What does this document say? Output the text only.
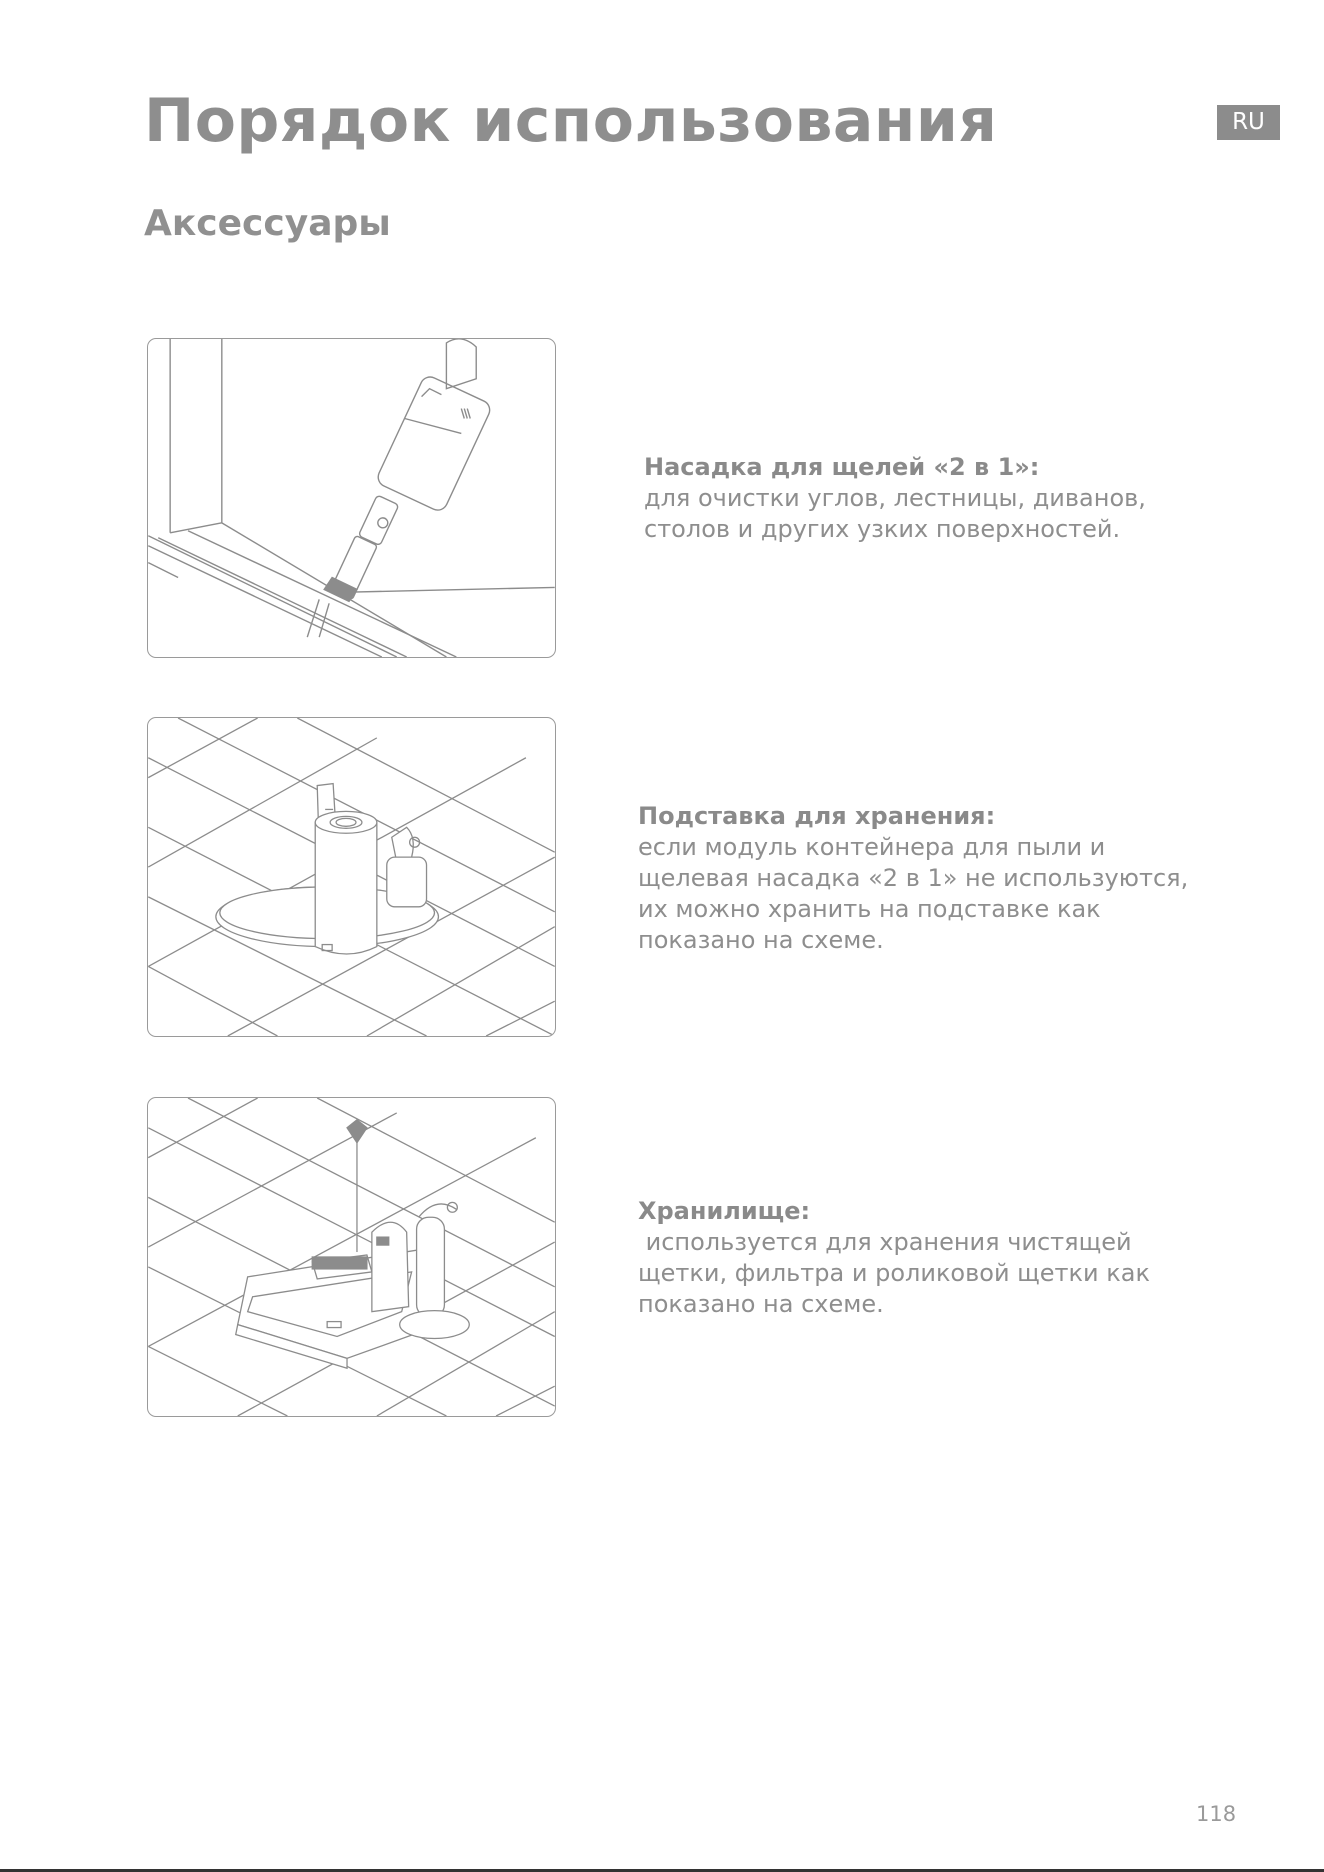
Порядок использования	RU
Аксессуары
Насадка для щелей «2 в 1»:
для очистки углов, лестницы, диванов,
столов и других узких поверхностей.
Подставка для хранения:
если модуль контейнера для пыли и
щелевая насадка «2 в 1» не используются,
их можно хранить на подставке как
показано на схеме.
Хранилище:
используется для хранения чистящей
щетки, фильтра и роликовой щетки как
показано на схеме.
118
